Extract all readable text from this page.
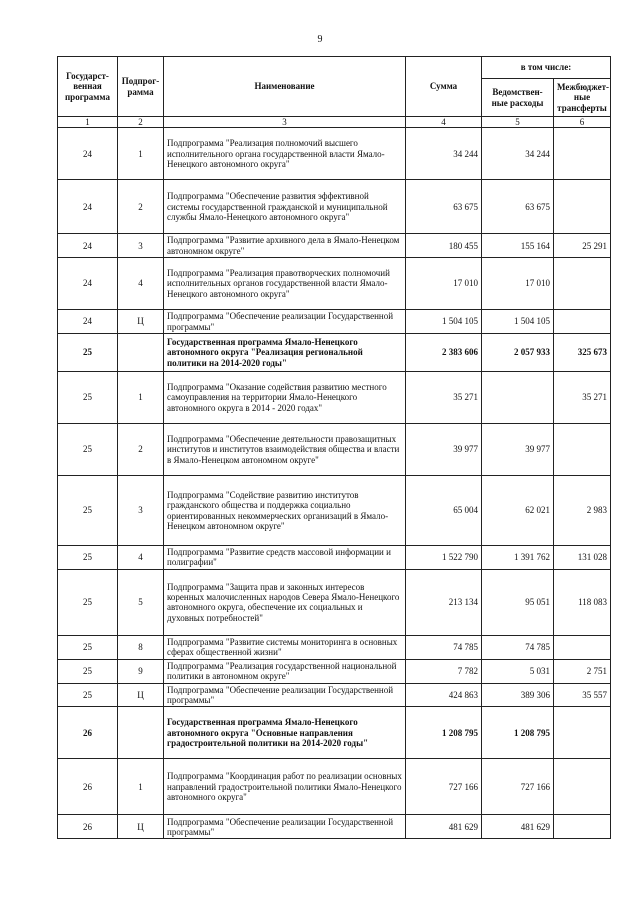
9
Государст-венная программа	Подпрог-рамма	Наименование	Сумма	в том числе:	
				Ведомствен-ные расходы	Межбюджет-ные трансферты
1	2	3	4	5	6
24	1	Подпрограмма "Реализация полномочий высшего исполнительного органа государственной власти Ямало-Ненецкого автономного округа"	34 244	34 244	
24	2	Подпрограмма "Обеспечение развития эффективной системы государственной гражданской и муниципальной службы Ямало-Ненецкого автономного округа"	63 675	63 675	
24	3	Подпрограмма "Развитие архивного дела в Ямало-Ненецком автономном округе"	180 455	155 164	25 291
24	4	Подпрограмма "Реализация правотворческих полномочий исполнительных органов государственной власти Ямало-Ненецкого автономного округа"	17 010	17 010	
24	Ц	Подпрограмма "Обеспечение реализации Государственной программы"	1 504 105	1 504 105	
25		Государственная программа Ямало-Ненецкого автономного округа "Реализация региональной политики на 2014-2020 годы"	2 383 606	2 057 933	325 673
25	1	Подпрограмма "Оказание содействия развитию местного самоуправления на территории Ямало-Ненецкого автономного округа в 2014 - 2020 годах"	35 271		35 271
25	2	Подпрограмма "Обеспечение деятельности правозащитных институтов и институтов взаимодействия общества и власти в Ямало-Ненецком автономном округе"	39 977	39 977	
25	3	Подпрограмма "Содействие развитию институтов гражданского общества и поддержка социально ориентированных некоммерческих организаций в Ямало-Ненецком автономном округе"	65 004	62 021	2 983
25	4	Подпрограмма "Развитие средств массовой информации и полиграфии"	1 522 790	1 391 762	131 028
25	5	Подпрограмма "Защита прав и законных интересов коренных малочисленных народов Севера Ямало-Ненецкого автономного округа, обеспечение их социальных и духовных потребностей"	213 134	95 051	118 083
25	8	Подпрограмма "Развитие системы мониторинга в основных сферах общественной жизни"	74 785	74 785	
25	9	Подпрограмма "Реализация государственной национальной политики в автономном округе"	7 782	5 031	2 751
25	Ц	Подпрограмма "Обеспечение реализации Государственной программы"	424 863	389 306	35 557
26		Государственная программа Ямало-Ненецкого автономного округа "Основные направления градостроительной политики на 2014-2020 годы"	1 208 795	1 208 795	
26	1	Подпрограмма "Координация работ по реализации основных направлений градостроительной политики Ямало-Ненецкого автономного округа"	727 166	727 166	
26	Ц	Подпрограмма "Обеспечение реализации Государственной программы"	481 629	481 629	
